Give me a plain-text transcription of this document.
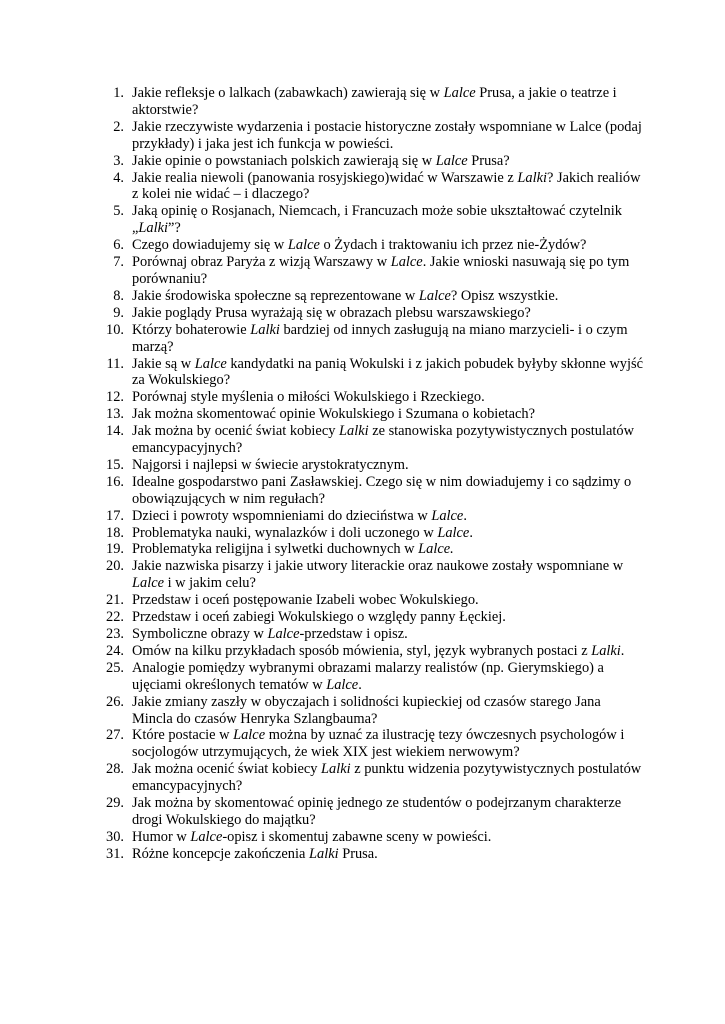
1 . Jakie refleksje o lalkach (zabawkach) zawierają się w Lalce Prusa, a jakie o teatrze i aktorstwie?
2 . Jakie rzeczywiste wydarzenia i postacie historyczne zostały wspomniane w Lalce (podaj przykłady) i jaka jest ich funkcja w powieści.
3 . Jakie opinie o powstaniach polskich zawierają się w Lalce Prusa?
4 . Jakie realia niewoli (panowania rosyjskiego)widać w Warszawie z Lalki? Jakich realiów z kolei nie widać – i dlaczego?
5 . Jaką opinię o Rosjanach, Niemcach, i Francuzach może sobie ukształtować czytelnik „Lalki”?
6 . Czego dowiadujemy się w Lalce o Żydach i traktowaniu ich przez nie-Żydów?
7 . Porównaj obraz Paryża z wizją Warszawy w Lalce. Jakie wnioski nasuwają się po tym porównaniu?
8 . Jakie środowiska społeczne są reprezentowane w Lalce? Opisz wszystkie.
9 . Jakie poglądy Prusa wyrażają się w obrazach plebsu warszawskiego?
10 . Którzy bohaterowie Lalki bardziej od innych zasługują na miano marzycieli- i o czym marzą?
11 . Jakie są w Lalce kandydatki na panią Wokulski i z jakich pobudek byłyby skłonne wyjść za Wokulskiego?
12 . Porównaj style myślenia o miłości Wokulskiego i Rzeckiego.
13 . Jak można skomentować opinie Wokulskiego i Szumana o kobietach?
14 . Jak można by ocenić świat kobiecy Lalki ze stanowiska pozytywistycznych postulatów emancypacyjnych?
15 . Najgorsi i najlepsi w świecie arystokratycznym.
16 . Idealne gospodarstwo pani Zasławskiej. Czego się w nim dowiadujemy i co sądzimy o obowiązujących w nim regułach?
17 . Dzieci i powroty wspomnieniami do dzieciństwa w Lalce.
18 . Problematyka nauki, wynalazków i doli uczonego w Lalce.
19 . Problematyka religijna i sylwetki duchownych w Lalce.
20 . Jakie nazwiska pisarzy i jakie utwory literackie oraz naukowe zostały wspomniane w Lalce i w jakim celu?
21 . Przedstaw i oceń postępowanie Izabeli wobec Wokulskiego.
22 . Przedstaw i oceń zabiegi Wokulskiego o względy panny Łęckiej.
23 . Symboliczne obrazy w Lalce-przedstaw i opisz.
24 . Omów na kilku przykładach sposób mówienia, styl, język wybranych postaci z Lalki.
25 . Analogie pomiędzy wybranymi obrazami malarzy realistów (np. Gierymskiego) a ujęciami określonych tematów w Lalce.
26 . Jakie zmiany zaszły w obyczajach i solidności kupieckiej od czasów starego Jana Mincla do czasów Henryka Szlangbauma?
27 . Które postacie w Lalce można by uznać za ilustrację tezy ówczesnych psychologów i socjologów utrzymujących, że wiek XIX jest wiekiem nerwowym?
28 . Jak można ocenić świat kobiecy Lalki z punktu widzenia pozytywistycznych postulatów emancypacyjnych?
29 . Jak można by skomentować opinię jednego ze studentów o podejrzanym charakterze drogi Wokulskiego do majątku?
30 . Humor w Lalce-opisz i skomentuj zabawne sceny w powieści.
31 . Różne koncepcje zakończenia Lalki Prusa.
